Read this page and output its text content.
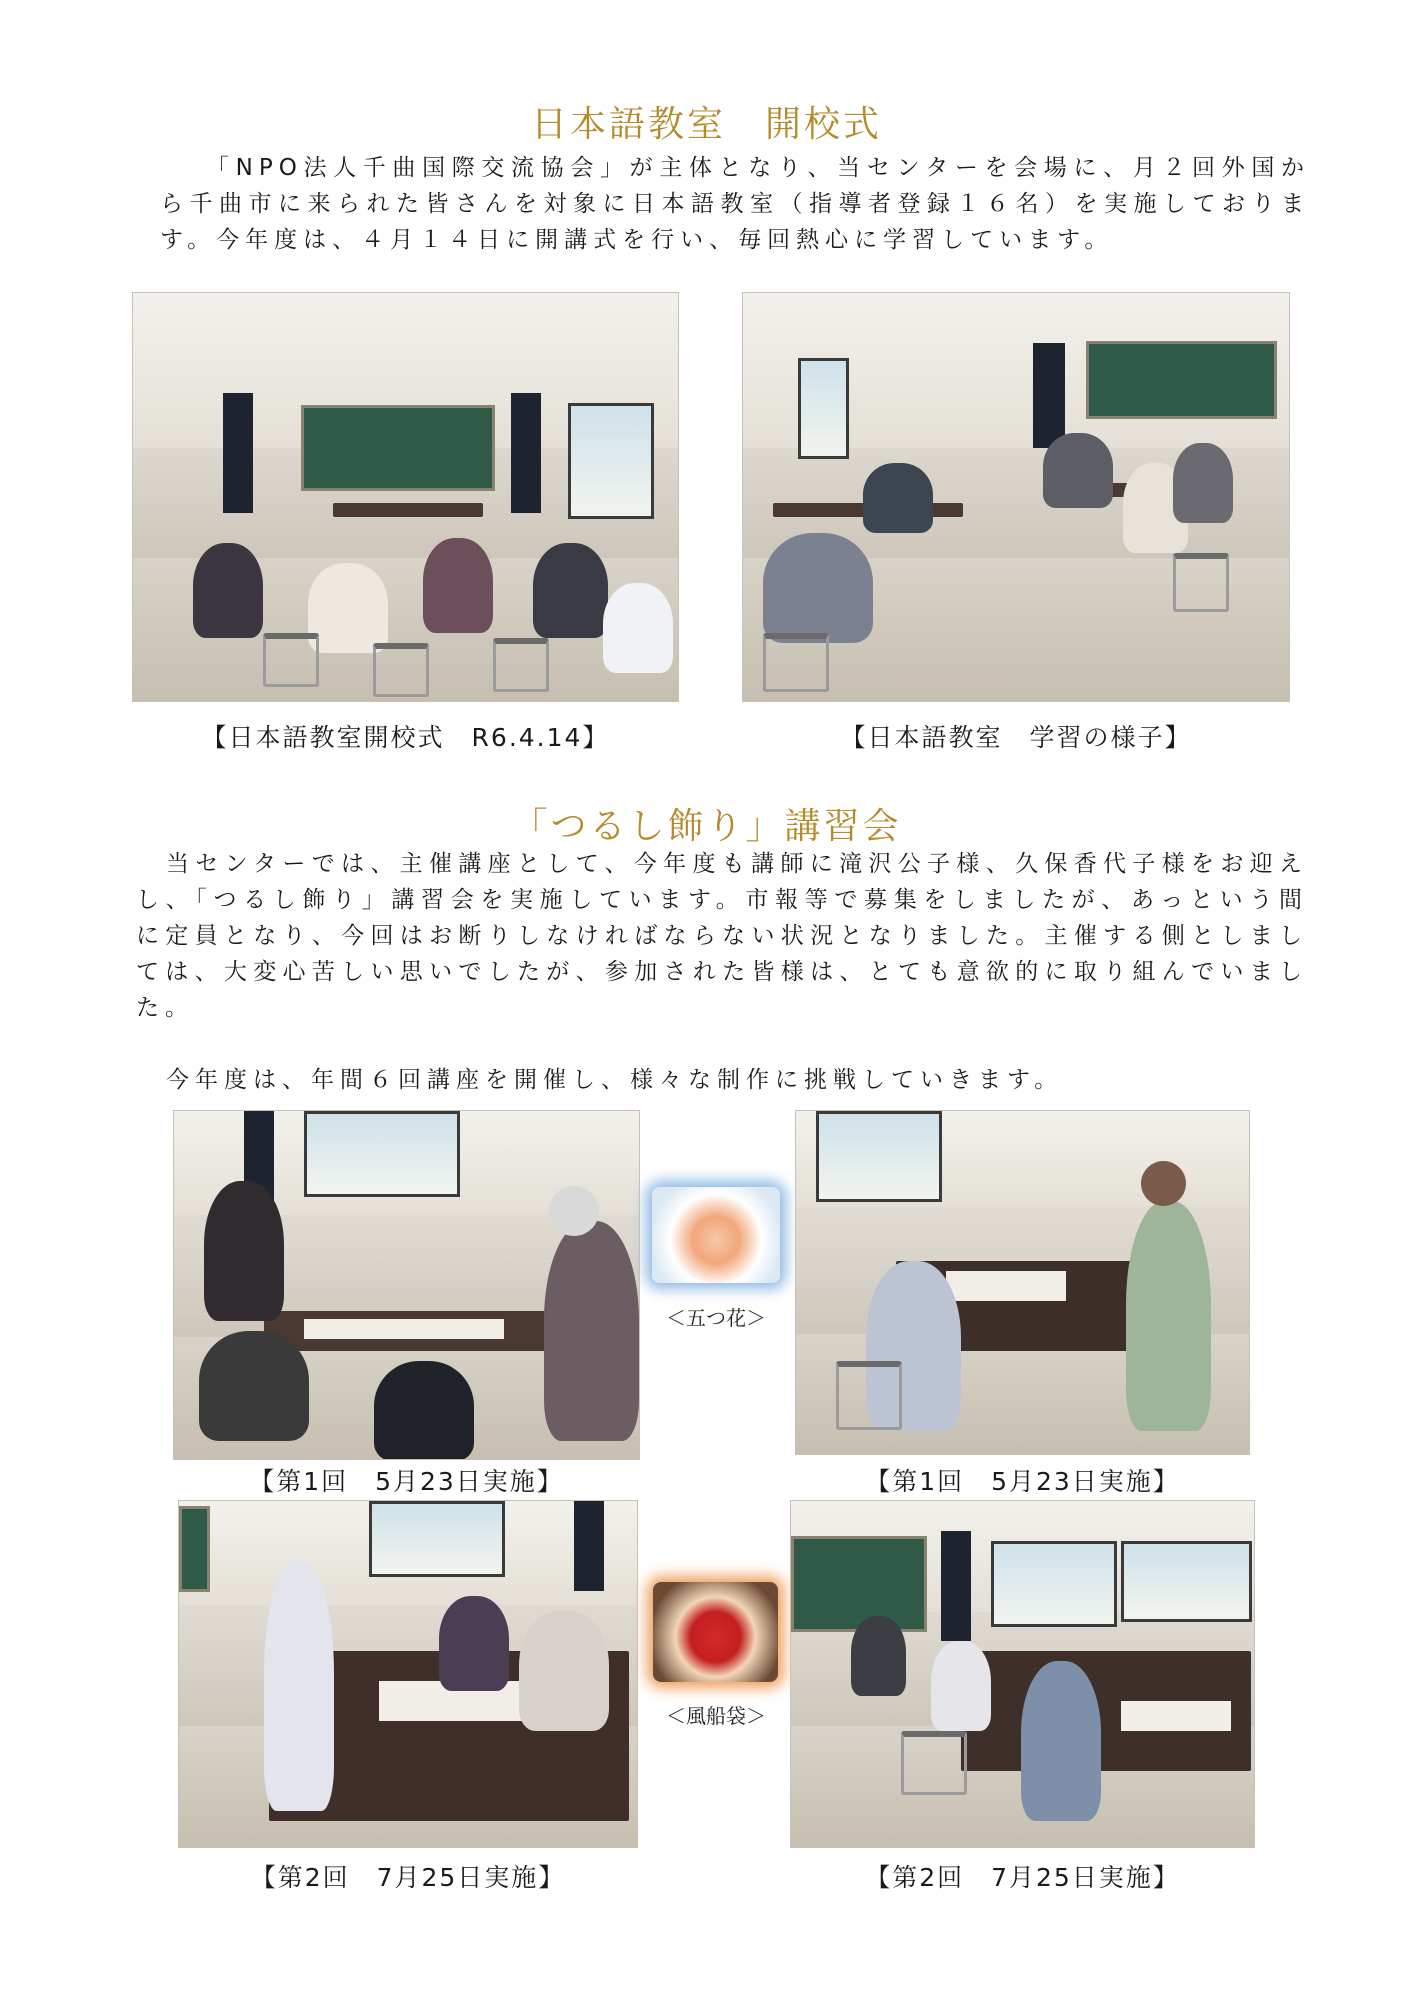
日本語教室　開校式

「NPO法人千曲国際交流協会」が主体となり、当センターを会場に、月２回外国から千曲市に来られた皆さんを対象に日本語教室（指導者登録１６名）を実施しております。今年度は、４月１４日に開講式を行い、毎回熱心に学習しています。

【日本語教室開校式　R6.4.14】	【日本語教室　学習の様子】

「つるし飾り」講習会

当センターでは、主催講座として、今年度も講師に滝沢公子様、久保香代子様をお迎えし、「つるし飾り」講習会を実施しています。市報等で募集をしましたが、あっという間に定員となり、今回はお断りしなければならない状況となりました。主催する側としましては、大変心苦しい思いでしたが、参加された皆様は、とても意欲的に取り組んでいました。

今年度は、年間６回講座を開催し、様々な制作に挑戦していきます。

＜五つ花＞

【第1回　5月23日実施】	【第1回　5月23日実施】

＜風船袋＞

【第2回　7月25日実施】	【第2回　7月25日実施】
